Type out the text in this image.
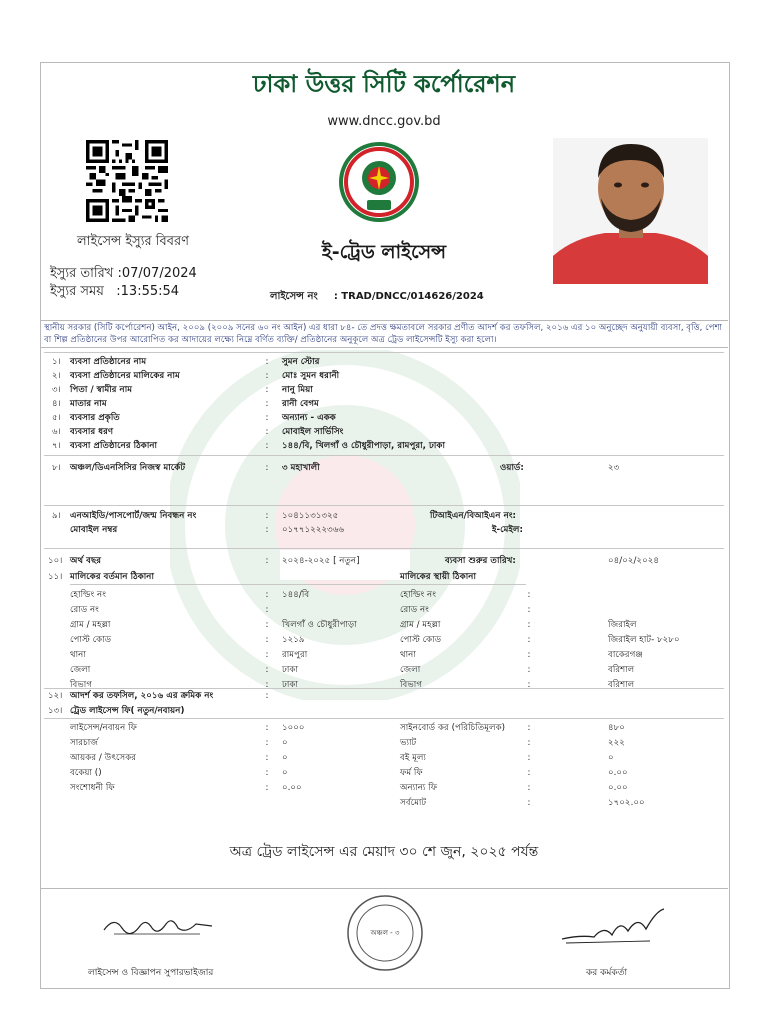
ঢাকা উত্তর সিটি কর্পোরেশন
www.dncc.gov.bd
লাইসেন্স ইস্যুর বিবরণ
ইস্যুর তারিখ :07/07/2024
ইস্যুর সময় :13:55:54
ই-ট্রেড লাইসেন্স
লাইসেন্স নং : TRAD/DNCC/014626/2024
স্থানীয় সরকার (সিটি কর্পোরেশন) আইন, ২০০৯ (২০০৯ সনের ৬০ নং আইন) এর ধারা ৮৪- তে প্রদত্ত ক্ষমতাবলে সরকার প্রণীত আদর্শ কর তফসিল, ২০১৬ এর ১০ অনুচ্ছেদ অনুযায়ী ব্যবসা, বৃত্তি, পেশা বা শিল্প প্রতিষ্ঠানের উপর আরোপিত কর আদায়ের লক্ষ্যে নিম্নে বর্ণিত ব্যক্তি/ প্রতিষ্ঠানের অনুকূলে অত্র ট্রেড লাইসেন্সটি ইস্যু করা হলো।
১। ব্যবসা প্রতিষ্ঠানের নাম	: সুমন স্টোর
২। ব্যবসা প্রতিষ্ঠানের মালিকের নাম	: মোঃ সুমন ধরানী
৩। পিতা / স্বামীর নাম	: নানু মিয়া
৪। মাতার নাম	: রানী বেগম
৫। ব্যবসার প্রকৃতি	: অন্যান্য - একক
৬। ব্যবসার ধরণ	: মোবাইল সার্ভিসিং
৭। ব্যবসা প্রতিষ্ঠানের ঠিকানা	: ১৪৪/বি, খিলগাঁ ও চৌধুরীপাড়া, রামপুরা, ঢাকা
৮। অঞ্চল/ডিএনসিসির নিজস্ব মার্কেট	: ৩ মহাখালী	ওয়ার্ড:	২৩
৯। এনআইডি/পাসপোর্ট/জন্ম নিবন্ধন নং	: ১০৪১১৩১৩২৫	টিআইএন/বিআইএন নং:
মোবাইল নম্বর	: ০১৭৭১২২২৩৬৬	ই-মেইল:
১০। অর্থ বছর	: ২০২৪-২০২৫ [ নতুন]	ব্যবসা শুরুর তারিখ:	০৪/০২/২০২৪
১১। মালিকের বর্তমান ঠিকানা	মালিকের স্থায়ী ঠিকানা
হোল্ডিং নং	: ১৪৪/বি	হোল্ডিং নং	:
রোড নং	:	রোড নং	:
গ্রাম / মহল্লা	: খিলগাঁ ও চৌধুরীপাড়া	গ্রাম / মহল্লা	:	জিরাইল
পোস্ট কোড	: ১২১৯	পোস্ট কোড	:	জিরাইল হাট- ৮২৮০
থানা	: রামপুরা	থানা	:	বাকেরগঞ্জ
জেলা	: ঢাকা	জেলা	:	বরিশাল
বিভাগ	: ঢাকা	বিভাগ	:	বরিশাল
১২। আদর্শ কর তফসিল, ২০১৬ এর ক্রমিক নং	:
১৩। ট্রেড লাইসেন্স ফি( নতুন/নবায়ন)
লাইসেন্স/নবায়ন ফি	: ১০০০
সারচার্জ	: ০
আয়কর / উৎসেকর	: ০
বকেয়া ()	: ০
সংশোধনী ফি	: ০.০০
সাইনবোর্ড কর (পরিচিতিমূলক)	:	৪৮০
ভ্যাট	:	২২২
বই মূল্য	:	০
ফর্ম ফি	:	০.০০
অন্যান্য ফি	:	০.০০
সর্বমোট	:	১৭০২.০০
অত্র ট্রেড লাইসেন্স এর মেয়াদ ৩০ শে জুন, ২০২৫ পর্যন্ত
অঞ্চল - ৩
লাইসেন্স ও বিজ্ঞাপন সুপারভাইজার	কর কর্মকর্তা
